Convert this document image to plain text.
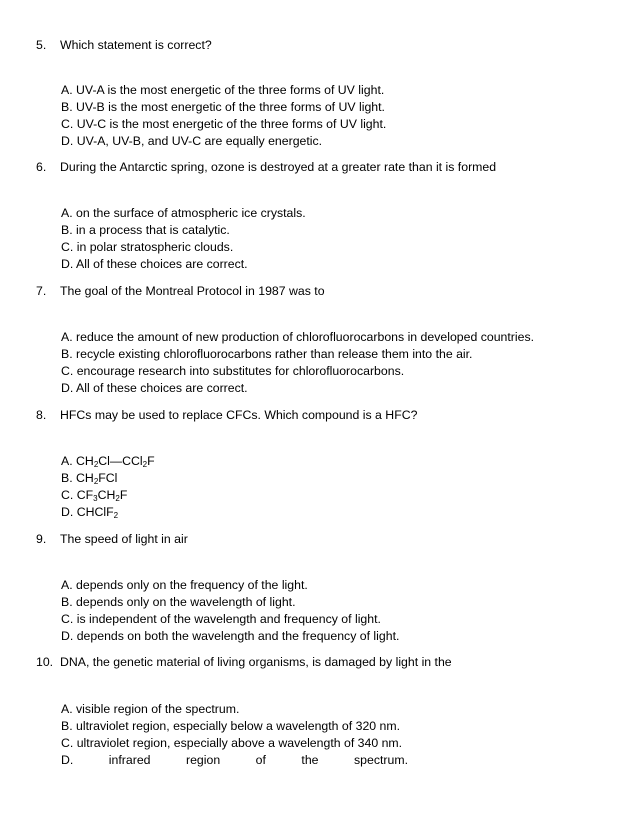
5. Which statement is correct?
A. UV-A is the most energetic of the three forms of UV light.
B. UV-B is the most energetic of the three forms of UV light.
C. UV-C is the most energetic of the three forms of UV light.
D. UV-A, UV-B, and UV-C are equally energetic.
6. During the Antarctic spring, ozone is destroyed at a greater rate than it is formed
A. on the surface of atmospheric ice crystals.
B. in a process that is catalytic.
C. in polar stratospheric clouds.
D. All of these choices are correct.
7. The goal of the Montreal Protocol in 1987 was to
A. reduce the amount of new production of chlorofluorocarbons in developed countries.
B. recycle existing chlorofluorocarbons rather than release them into the air.
C. encourage research into substitutes for chlorofluorocarbons.
D. All of these choices are correct.
8. HFCs may be used to replace CFCs. Which compound is a HFC?
A. $CH_2Cl—CCl_2F$
B. $CH_2FCl$
C. $CF_3CH_2F$
D. CHClF$_2$
9. The speed of light in air
A. depends only on the frequency of the light.
B. depends only on the wavelength of light.
C. is independent of the wavelength and frequency of light.
D. depends on both the wavelength and the frequency of light.
10. DNA, the genetic material of living organisms, is damaged by light in the
A. visible region of the spectrum.
B. ultraviolet region, especially below a wavelength of 320 nm.
C. ultraviolet region, especially above a wavelength of 340 nm.
D.	infrared	region	of	the	spectrum.
